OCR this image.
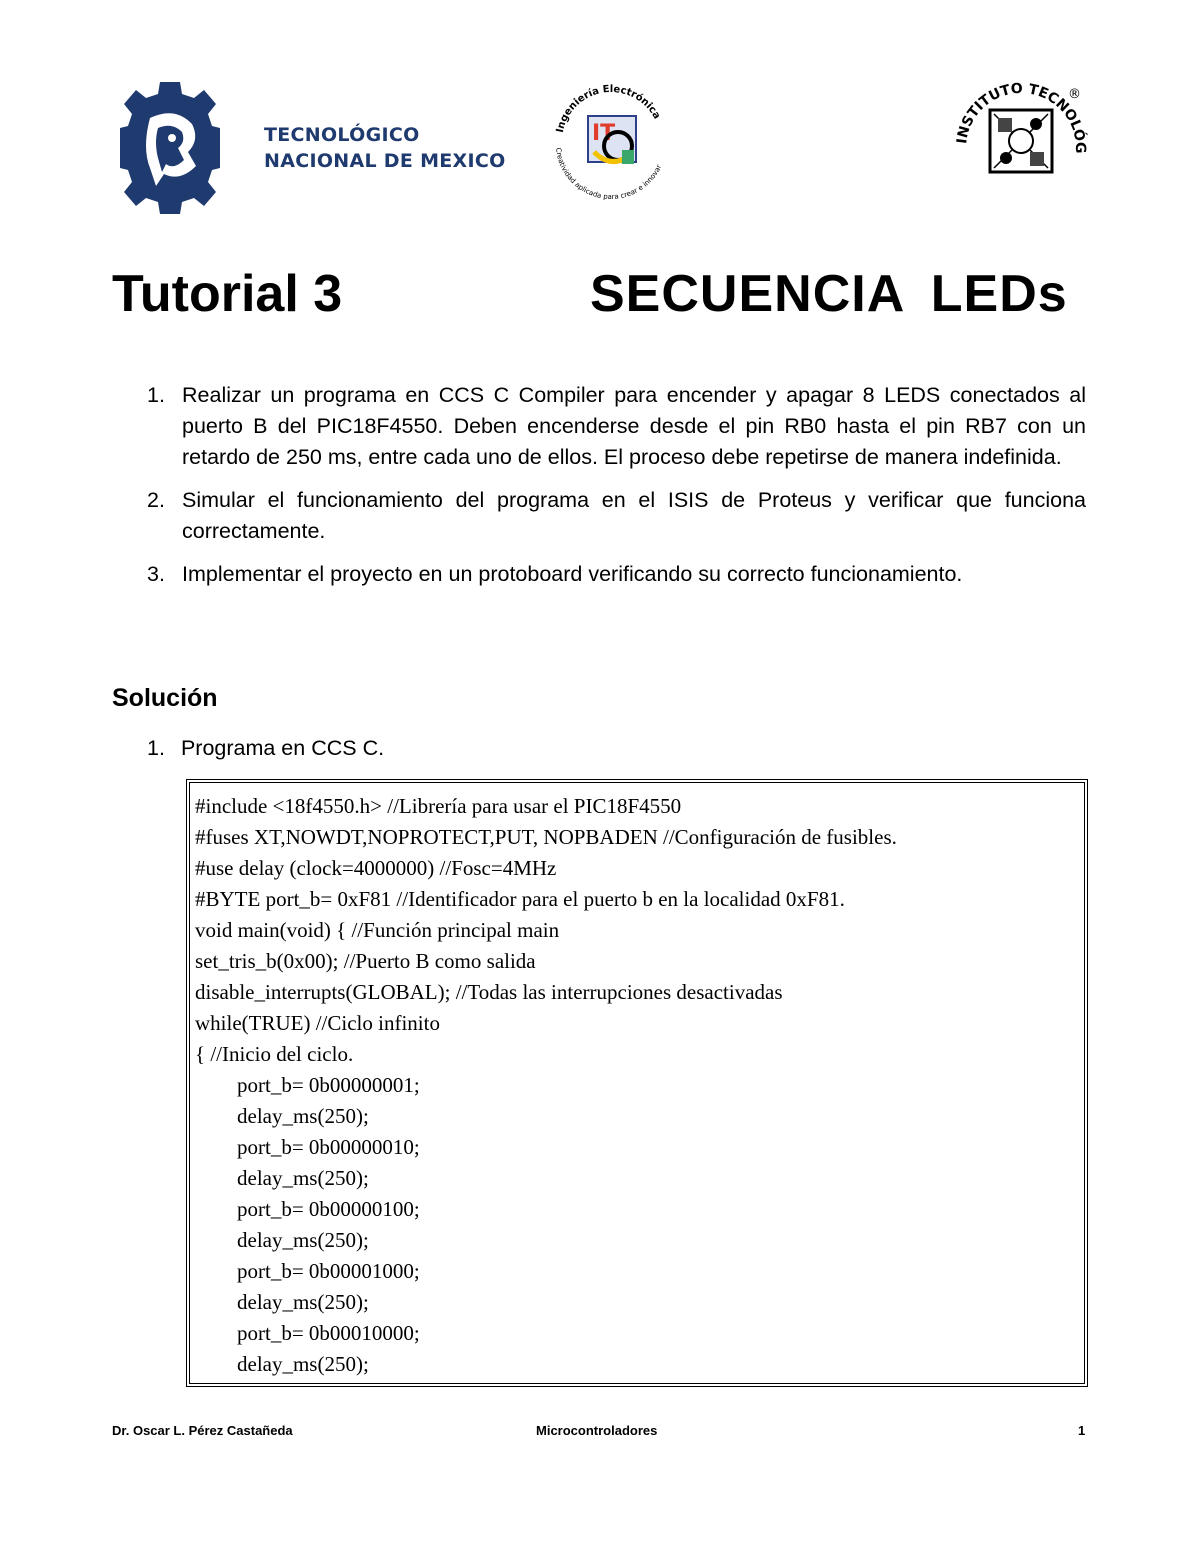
TECNOLÓGICO
NACIONAL DE MEXICO
Ingeniería Electrónica
Creatividad aplicada para crear e innovar
IT	INSTITUTO TECNOLÓG
®
Tutorial 3	SECUENCIA LEDs
1. Realizar un programa en CCS C Compiler para encender y apagar 8 LEDS conectados al puerto B del PIC18F4550. Deben encenderse desde el pin RB0 hasta el pin RB7 con un retardo de 250 ms, entre cada uno de ellos. El proceso debe repetirse de manera indefinida.
2. Simular el funcionamiento del programa en el ISIS de Proteus y verificar que funciona correctamente.
3. Implementar el proyecto en un protoboard verificando su correcto funcionamiento.
Solución
1. Programa en CCS C.
#include <18f4550.h> //Librería para usar el PIC18F4550
#fuses XT,NOWDT,NOPROTECT,PUT, NOPBADEN //Configuración de fusibles.
#use delay (clock=4000000) //Fosc=4MHz
#BYTE port_b= 0xF81 //Identificador para el puerto b en la localidad 0xF81.
void main(void) { //Función principal main
set_tris_b(0x00); //Puerto B como salida
disable_interrupts(GLOBAL); //Todas las interrupciones desactivadas
while(TRUE) //Ciclo infinito
{ //Inicio del ciclo.
port_b= 0b00000001;
delay_ms(250);
port_b= 0b00000010;
delay_ms(250);
port_b= 0b00000100;
delay_ms(250);
port_b= 0b00001000;
delay_ms(250);
port_b= 0b00010000;
delay_ms(250);
Dr. Oscar L. Pérez Castañeda	Microcontroladores	1
